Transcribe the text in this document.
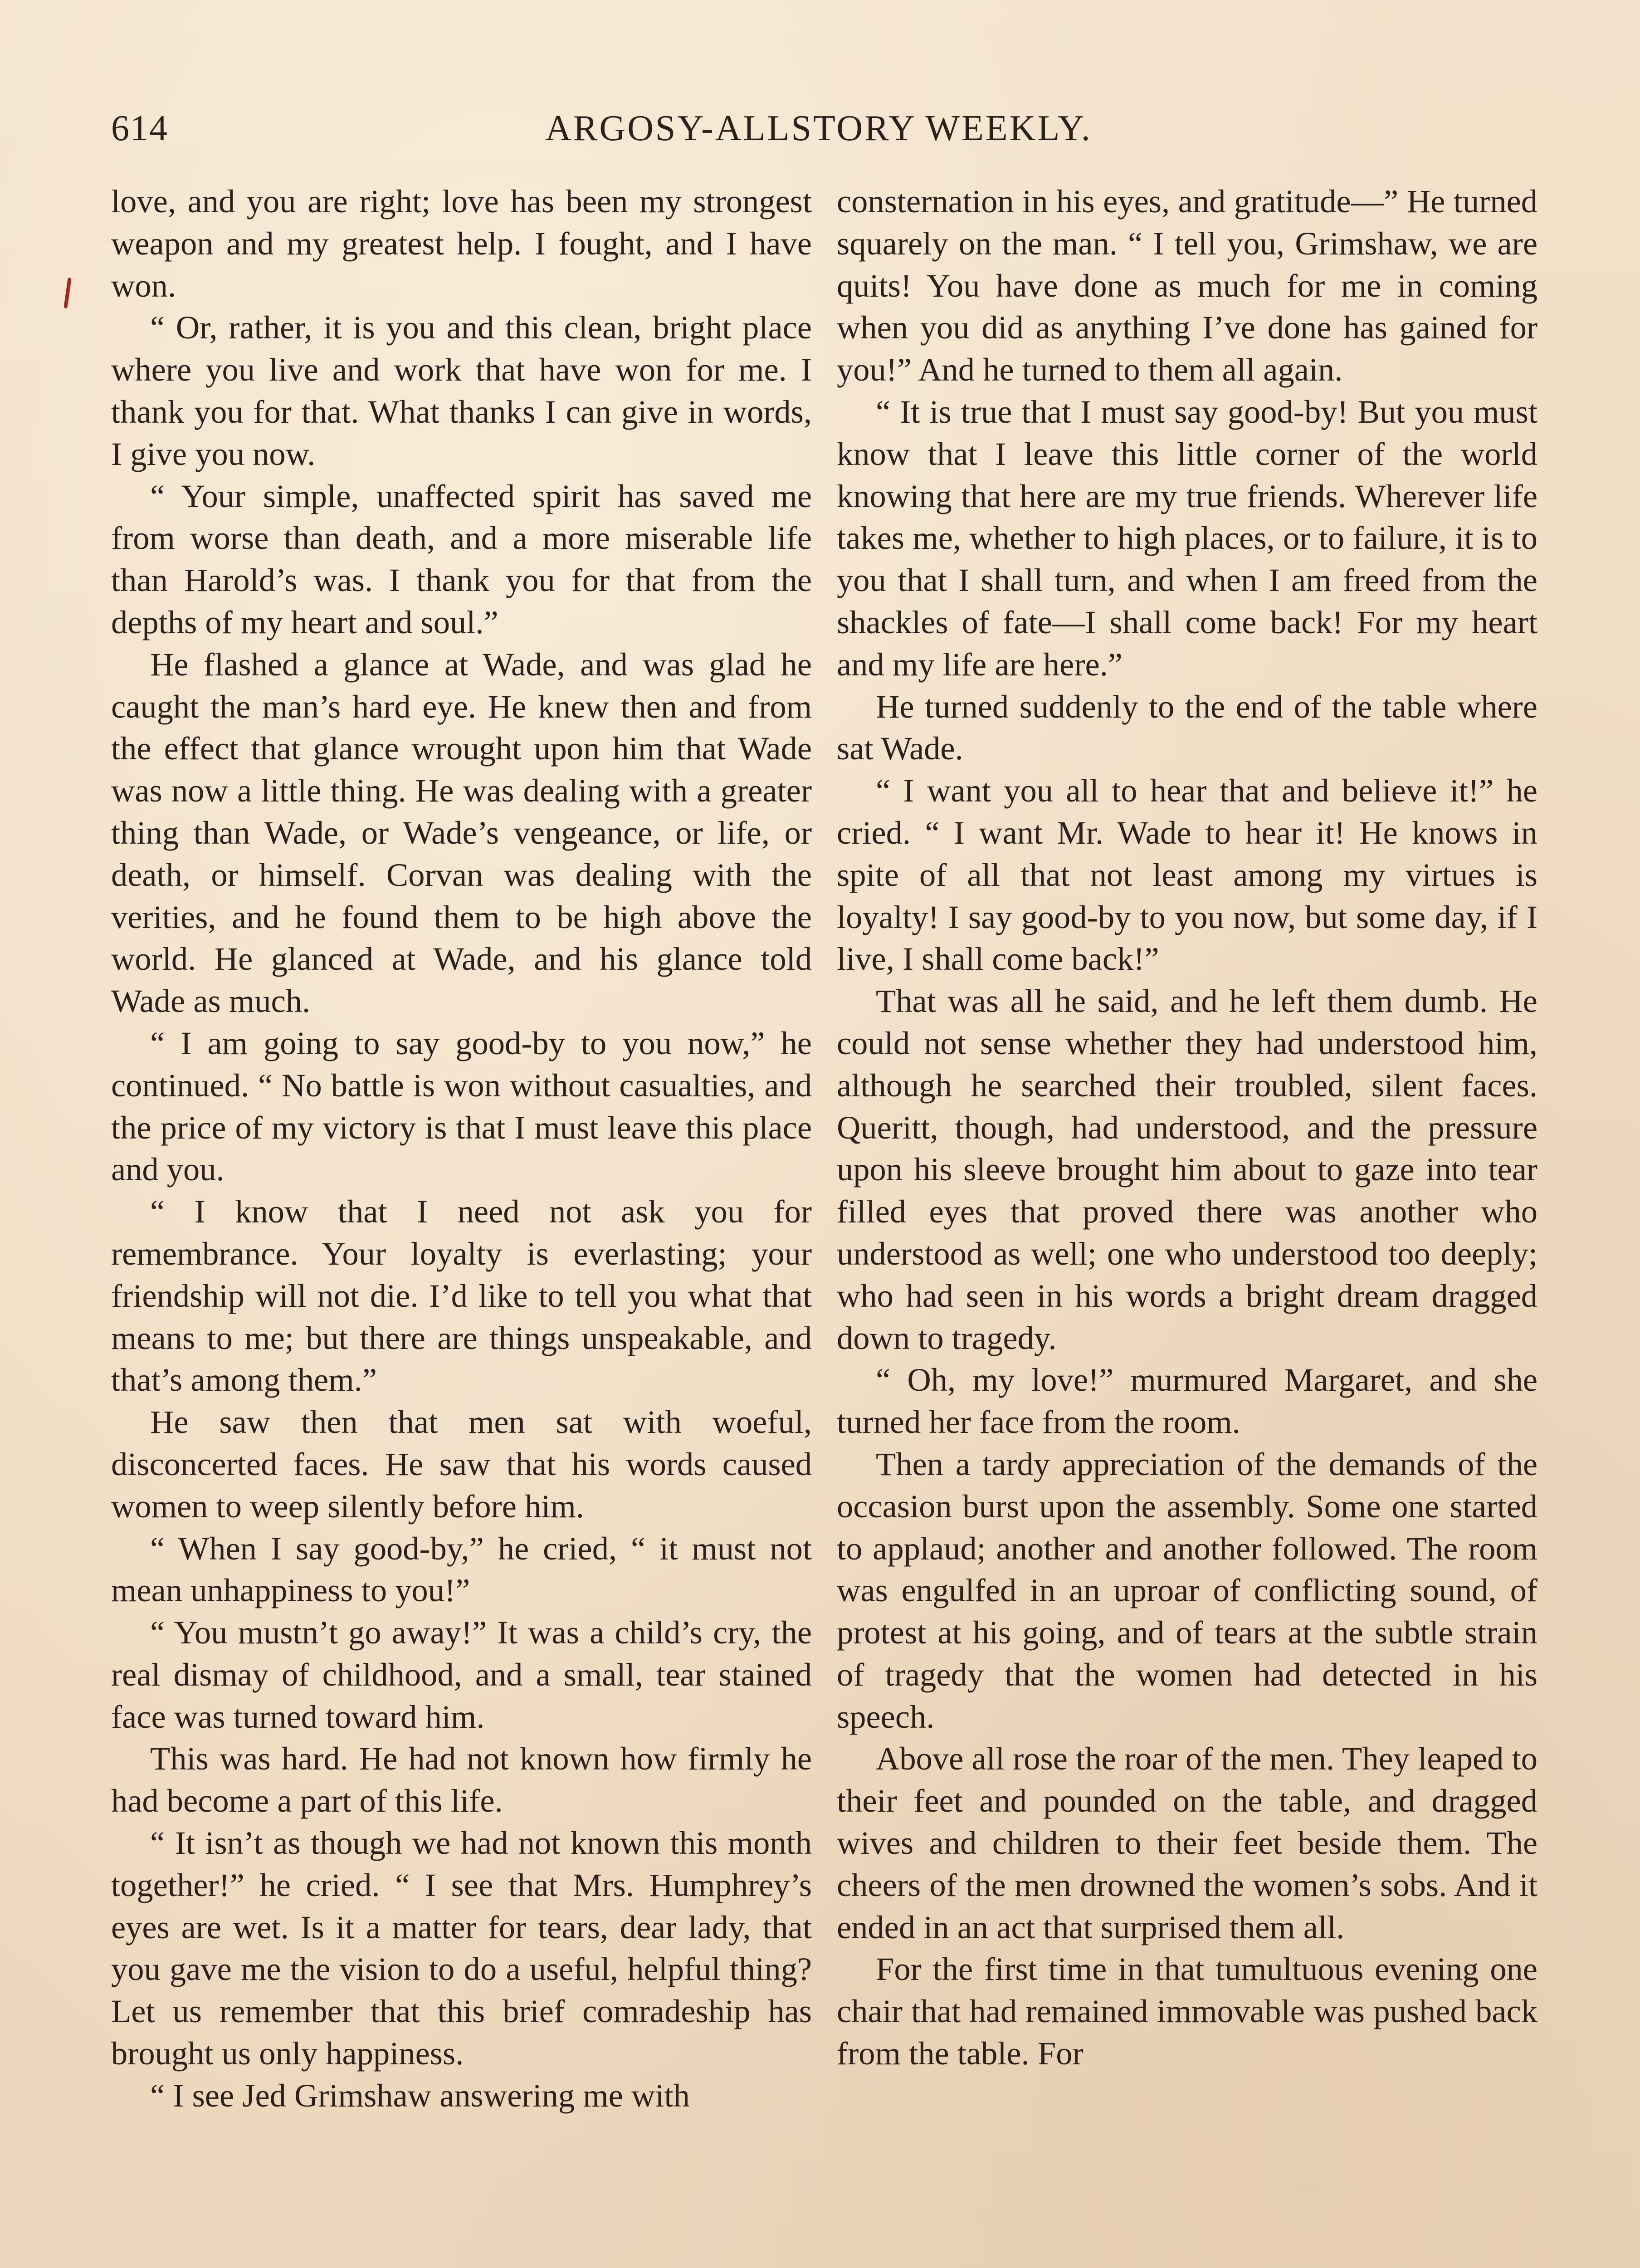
614	ARGOSY-ALLSTORY WEEKLY.

love, and you are right; love has been my strongest weapon and my greatest help. I fought, and I have won.

“ Or, rather, it is you and this clean, bright place where you live and work that have won for me. I thank you for that. What thanks I can give in words, I give you now.

“ Your simple, unaffected spirit has saved me from worse than death, and a more miserable life than Harold’s was. I thank you for that from the depths of my heart and soul.”

He flashed a glance at Wade, and was glad he caught the man’s hard eye. He knew then and from the effect that glance wrought upon him that Wade was now a little thing. He was dealing with a greater thing than Wade, or Wade’s vengeance, or life, or death, or himself. Corvan was dealing with the verities, and he found them to be high above the world. He glanced at Wade, and his glance told Wade as much.

“ I am going to say good-by to you now,” he continued. “ No battle is won without casualties, and the price of my victory is that I must leave this place and you.

“ I know that I need not ask you for remembrance. Your loyalty is everlasting; your friendship will not die. I’d like to tell you what that means to me; but there are things unspeakable, and that’s among them.”

He saw then that men sat with woeful, disconcerted faces. He saw that his words caused women to weep silently before him.

“ When I say good-by,” he cried, “ it must not mean unhappiness to you!”

“ You mustn’t go away!” It was a child’s cry, the real dismay of childhood, and a small, tear stained face was turned toward him.

This was hard. He had not known how firmly he had become a part of this life.

“ It isn’t as though we had not known this month together!” he cried. “ I see that Mrs. Humphrey’s eyes are wet. Is it a matter for tears, dear lady, that you gave me the vision to do a useful, helpful thing? Let us remember that this brief comradeship has brought us only happiness.

“ I see Jed Grimshaw answering me with

consternation in his eyes, and gratitude—” He turned squarely on the man. “ I tell you, Grimshaw, we are quits! You have done as much for me in coming when you did as anything I’ve done has gained for you!” And he turned to them all again.

“ It is true that I must say good-by! But you must know that I leave this little corner of the world knowing that here are my true friends. Wherever life takes me, whether to high places, or to failure, it is to you that I shall turn, and when I am freed from the shackles of fate—I shall come back! For my heart and my life are here.”

He turned suddenly to the end of the table where sat Wade.

“ I want you all to hear that and believe it!” he cried. “ I want Mr. Wade to hear it! He knows in spite of all that not least among my virtues is loyalty! I say good-by to you now, but some day, if I live, I shall come back!”

That was all he said, and he left them dumb. He could not sense whether they had understood him, although he searched their troubled, silent faces. Queritt, though, had understood, and the pressure upon his sleeve brought him about to gaze into tear filled eyes that proved there was another who understood as well; one who understood too deeply; who had seen in his words a bright dream dragged down to tragedy.

“ Oh, my love!” murmured Margaret, and she turned her face from the room.

Then a tardy appreciation of the demands of the occasion burst upon the assembly. Some one started to applaud; another and another followed. The room was engulfed in an uproar of conflicting sound, of protest at his going, and of tears at the subtle strain of tragedy that the women had detected in his speech.

Above all rose the roar of the men. They leaped to their feet and pounded on the table, and dragged wives and children to their feet beside them. The cheers of the men drowned the women’s sobs. And it ended in an act that surprised them all.

For the first time in that tumultuous evening one chair that had remained immovable was pushed back from the table. For
